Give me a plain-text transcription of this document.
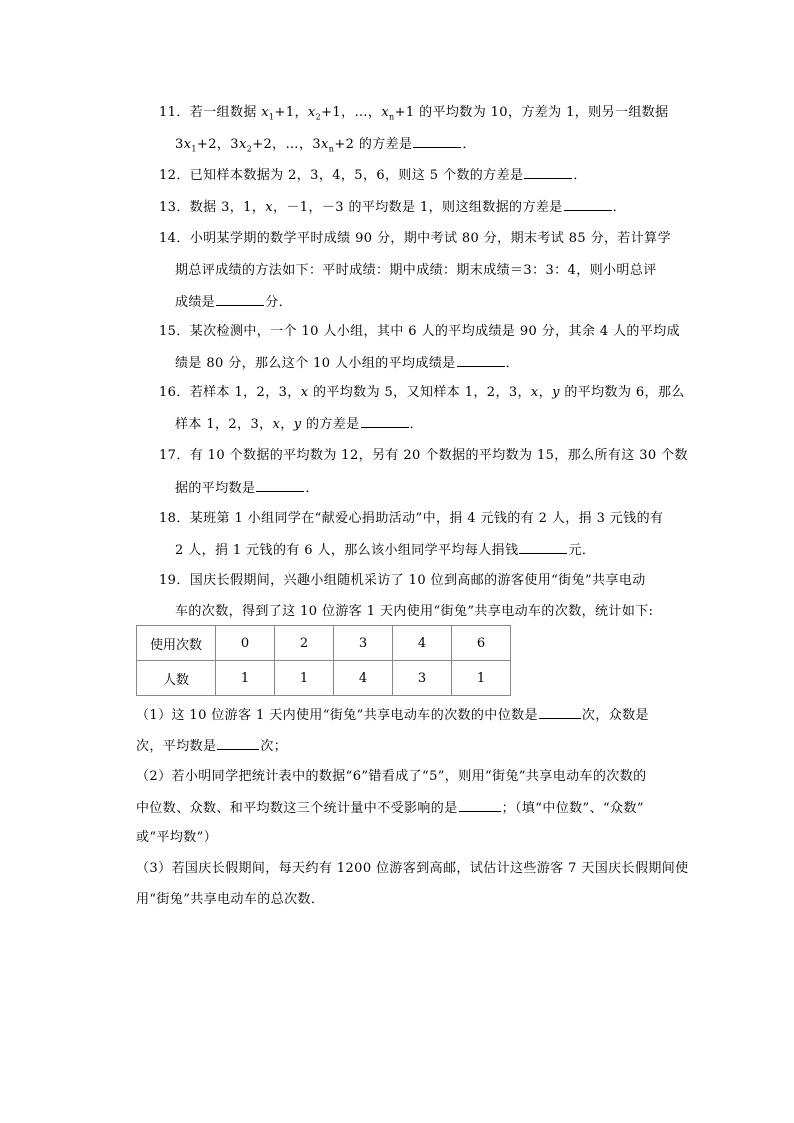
11．若一组数据 $x_1+1$，$x_2+1$，…，$x_n+1$ 的平均数为 10，方差为 1，则另一组数据
$3x_1+2$，$3x_2+2$，…，$3x_n+2$ 的方差是	．
12．已知样本数据为 2，3，4，5，6，则这 5 个数的方差是	．
13．数据 3，1，x，－1，－3 的平均数是 1，则这组数据的方差是	．
14．小明某学期的数学平时成绩 90 分，期中考试 80 分，期末考试 85 分，若计算学
期总评成绩的方法如下：平时成绩：期中成绩：期末成绩＝3：3：4，则小明总评
成绩是	分．
15．某次检测中，一个 10 人小组，其中 6 人的平均成绩是 90 分，其余 4 人的平均成
绩是 80 分，那么这个 10 人小组的平均成绩是	．
16．若样本 1，2，3，x 的平均数为 5，又知样本 1，2，3，x，y 的平均数为 6，那么
样本 1，2，3，x，y 的方差是	．
17．有 10 个数据的平均数为 12，另有 20 个数据的平均数为 15，那么所有这 30 个数
据的平均数是	．
18．某班第 1 小组同学在“献爱心捐助活动”中，捐 4 元钱的有 2 人，捐 3 元钱的有
2 人，捐 1 元钱的有 6 人，那么该小组同学平均每人捐钱	元．
19．国庆长假期间，兴趣小组随机采访了 10 位到高邮的游客使用“街兔”共享电动
车的次数，得到了这 10 位游客 1 天内使用“街兔”共享电动车的次数，统计如下:
使用次数	0	2	3	4	6
人数	1	1	4	3	1
（1）这 10 位游客 1 天内使用“街兔”共享电动车的次数的中位数是	次，众数是
次，平均数是	次；
（2）若小明同学把统计表中的数据“6”错看成了“5”，则用“街兔”共享电动车的次数的
中位数、众数、和平均数这三个统计量中不受影响的是	；（填“中位数”、“众数”
或“平均数”）
（3）若国庆长假期间，每天约有 1200 位游客到高邮，试估计这些游客 7 天国庆长假期间使
用“街兔”共享电动车的总次数．
